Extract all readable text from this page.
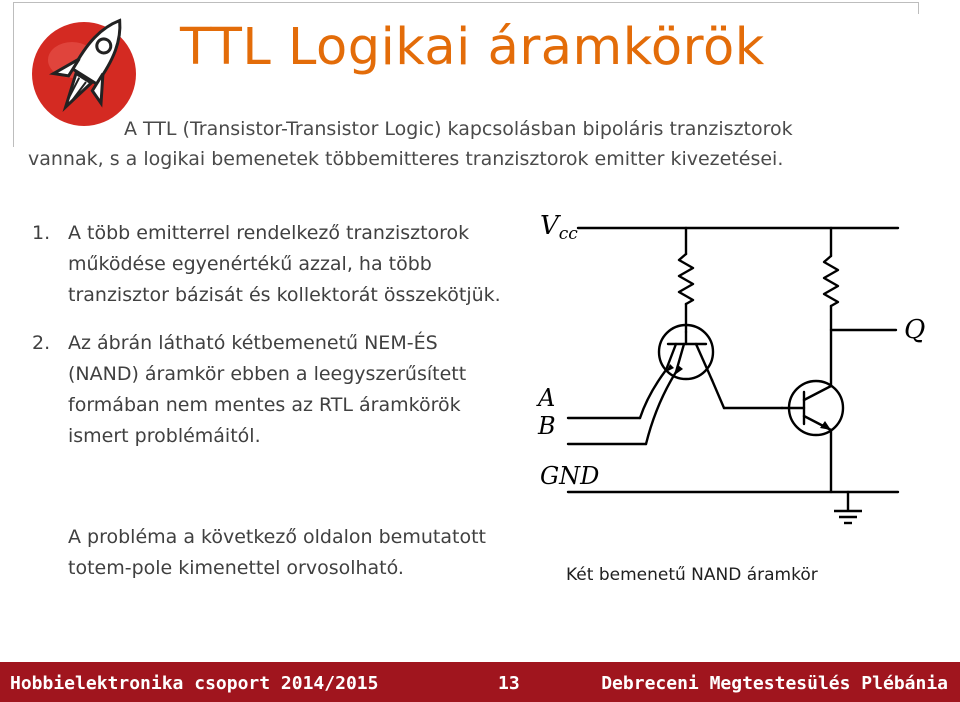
TTL Logikai áramkörök
A TTL (Transistor-Transistor Logic) kapcsolásban bipoláris tranzisztorok
vannak, s a logikai bemenetek többemitteres tranzisztorok emitter kivezetései.
1. A több emitterrel rendelkező tranzisztorok működése egyenértékű azzal, ha több tranzisztor bázisát és kollektorát összekötjük.
2. Az ábrán látható kétbemenetű NEM-ÉS (NAND) áramkör ebben a leegyszerűsített formában nem mentes az RTL áramkörök ismert problémáitól.
A probléma a következő oldalon bemutatott totem-pole kimenettel orvosolható.
Vcc
Q
A
B
GND
Két bemenetű NAND áramkör
Hobbielektronika csoport 2014/2015	13	Debreceni Megtestesülés Plébánia
